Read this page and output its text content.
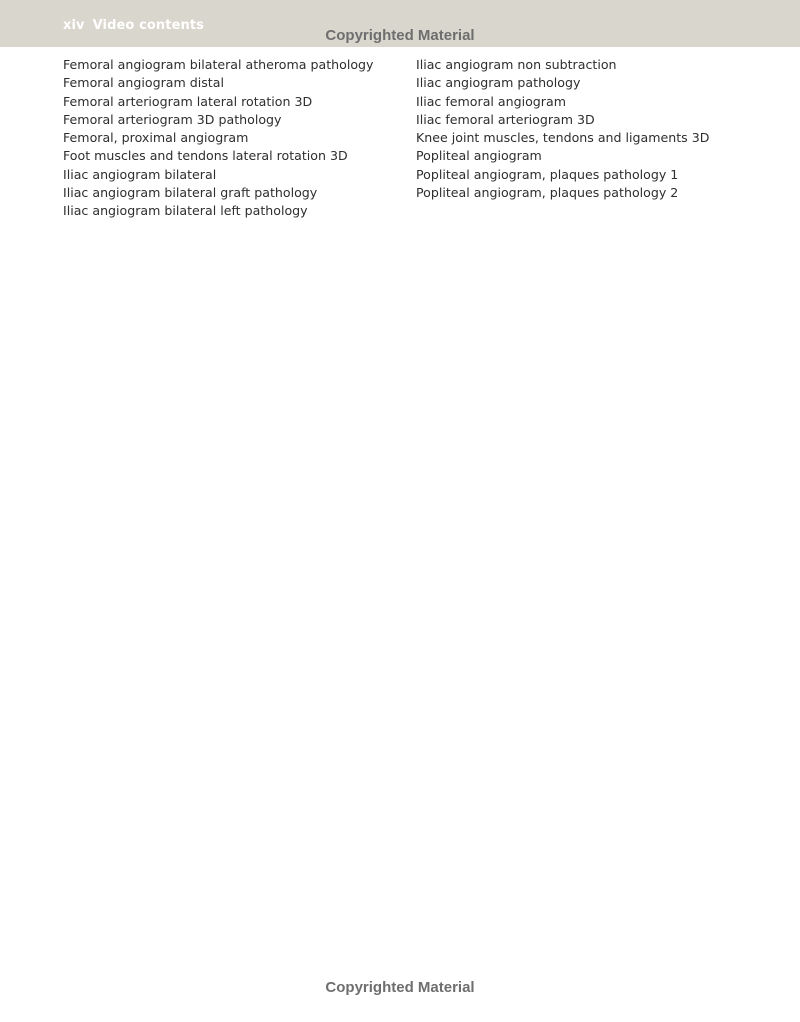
xiv Video contents
Copyrighted Material
Femoral angiogram bilateral atheroma pathology
Femoral angiogram distal
Femoral arteriogram lateral rotation 3D
Femoral arteriogram 3D pathology
Femoral, proximal angiogram
Foot muscles and tendons lateral rotation 3D
Iliac angiogram bilateral
Iliac angiogram bilateral graft pathology
Iliac angiogram bilateral left pathology
Iliac angiogram non subtraction
Iliac angiogram pathology
Iliac femoral angiogram
Iliac femoral arteriogram 3D
Knee joint muscles, tendons and ligaments 3D
Popliteal angiogram
Popliteal angiogram, plaques pathology 1
Popliteal angiogram, plaques pathology 2
Copyrighted Material
